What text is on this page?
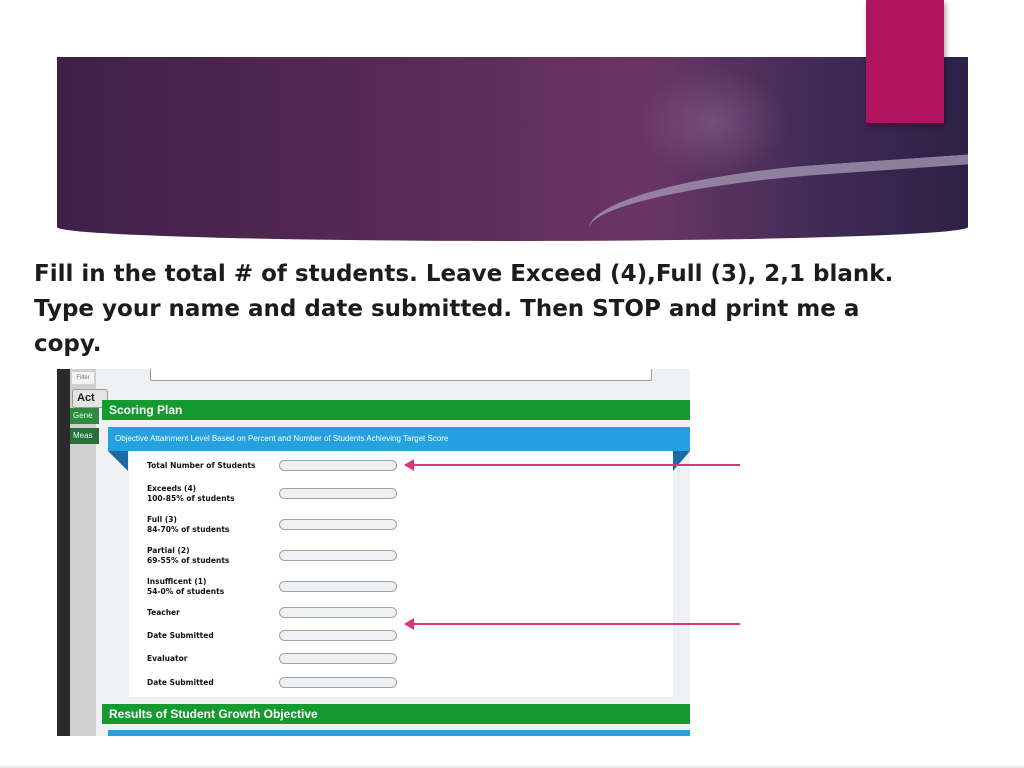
Fill in the total # of students. Leave Exceed (4),Full (3), 2,1 blank.
Type your name and date submitted. Then STOP and print me a
copy.

Filter
Act
Gene
Meas
Scoring Plan
Objective Attainment Level Based on Percent and Number of Students Achieving Target Score
Total Number of Students
Exceeds (4)
100-85% of students
Full (3)
84-70% of students
Partial (2)
69-55% of students
Insufficent (1)
54-0% of students
Teacher
Date Submitted
Evaluator
Date Submitted
Results of Student Growth Objective
